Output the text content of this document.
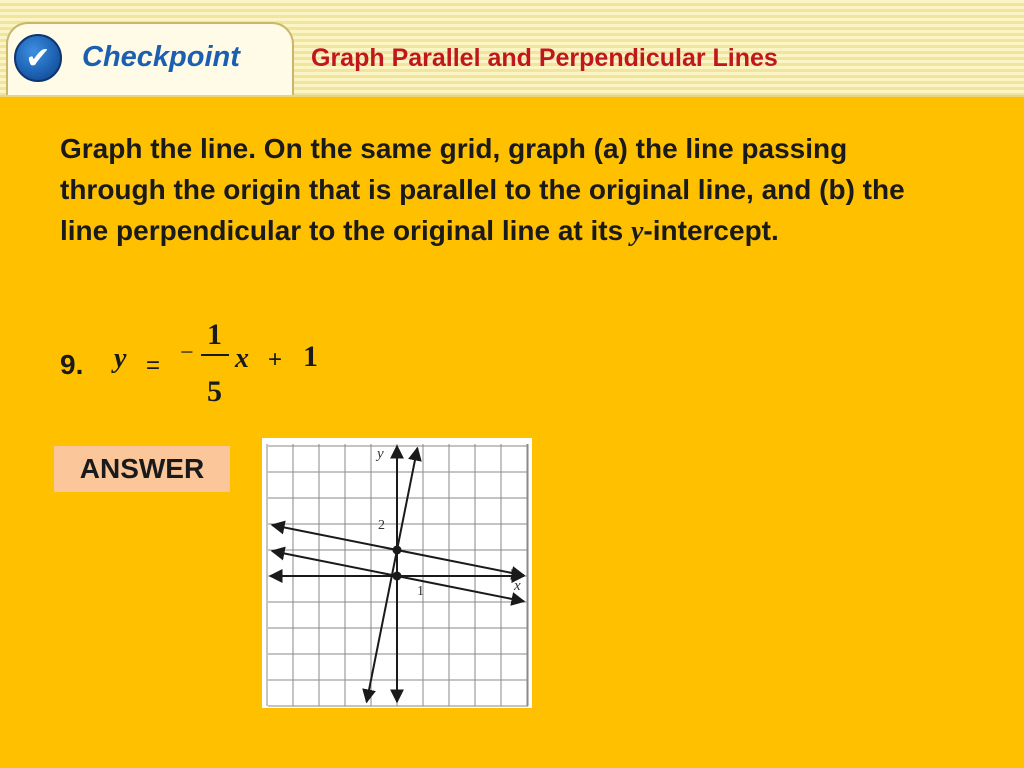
✔	Checkpoint	Graph Parallel and Perpendicular Lines
Graph the line. On the same grid, graph (a) the line passing through the origin that is parallel to the original line, and (b) the line perpendicular to the original line at its y-intercept.
9. y = −
1
5
x + 1
ANSWER
1
2
x
y
